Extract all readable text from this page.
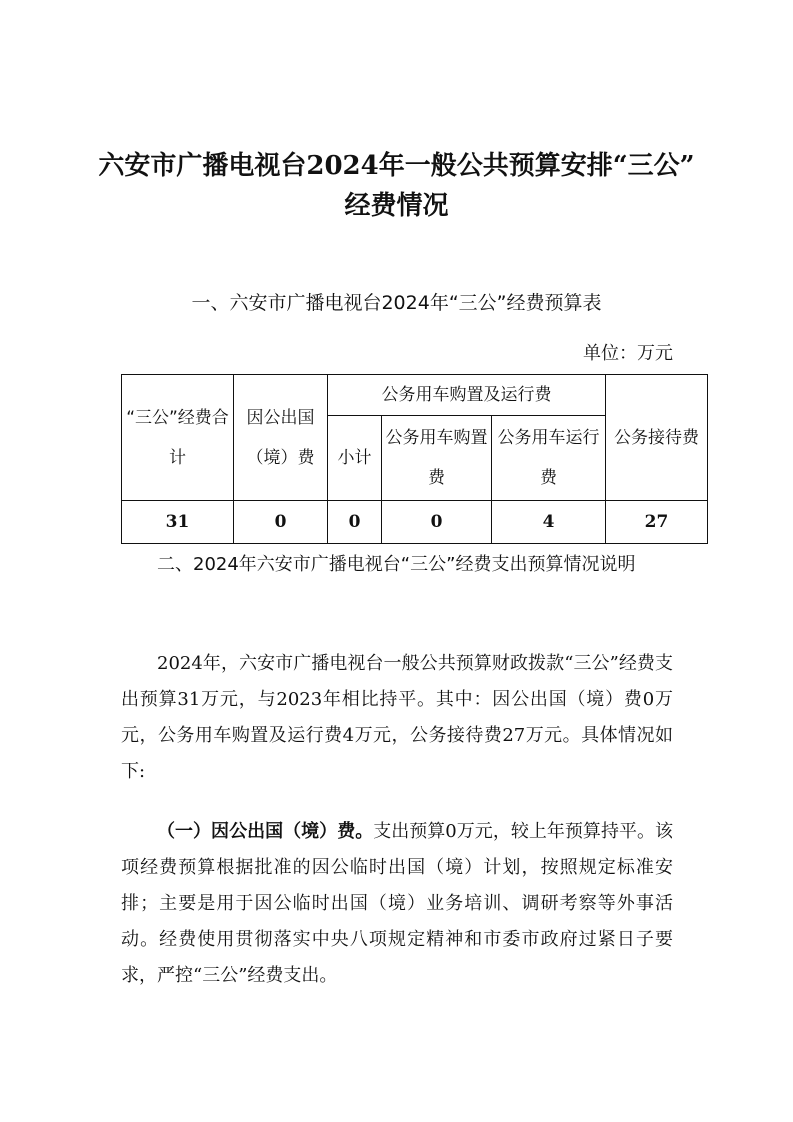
六安市广播电视台2024年一般公共预算安排“三公”
经费情况
一、六安市广播电视台2024年“三公”经费预算表
单位：万元
“三公”经费合计	因公出国（境）费	公务用车购置及运行费			公务接待费
		小计	公务用车购置费	公务用车运行费	
31	0	0	0	4	27
二、2024年六安市广播电视台“三公”经费支出预算情况说明

2024年，六安市广播电视台一般公共预算财政拨款“三公”经费支出预算31万元，与2023年相比持平。其中：因公出国（境）费0万元，公务用车购置及运行费4万元，公务接待费27万元。具体情况如下:

（一）因公出国（境）费。支出预算0万元，较上年预算持平。该项经费预算根据批准的因公临时出国（境）计划，按照规定标准安排；主要是用于因公临时出国（境）业务培训、调研考察等外事活动。经费使用贯彻落实中央八项规定精神和市委市政府过紧日子要求，严控“三公”经费支出。
